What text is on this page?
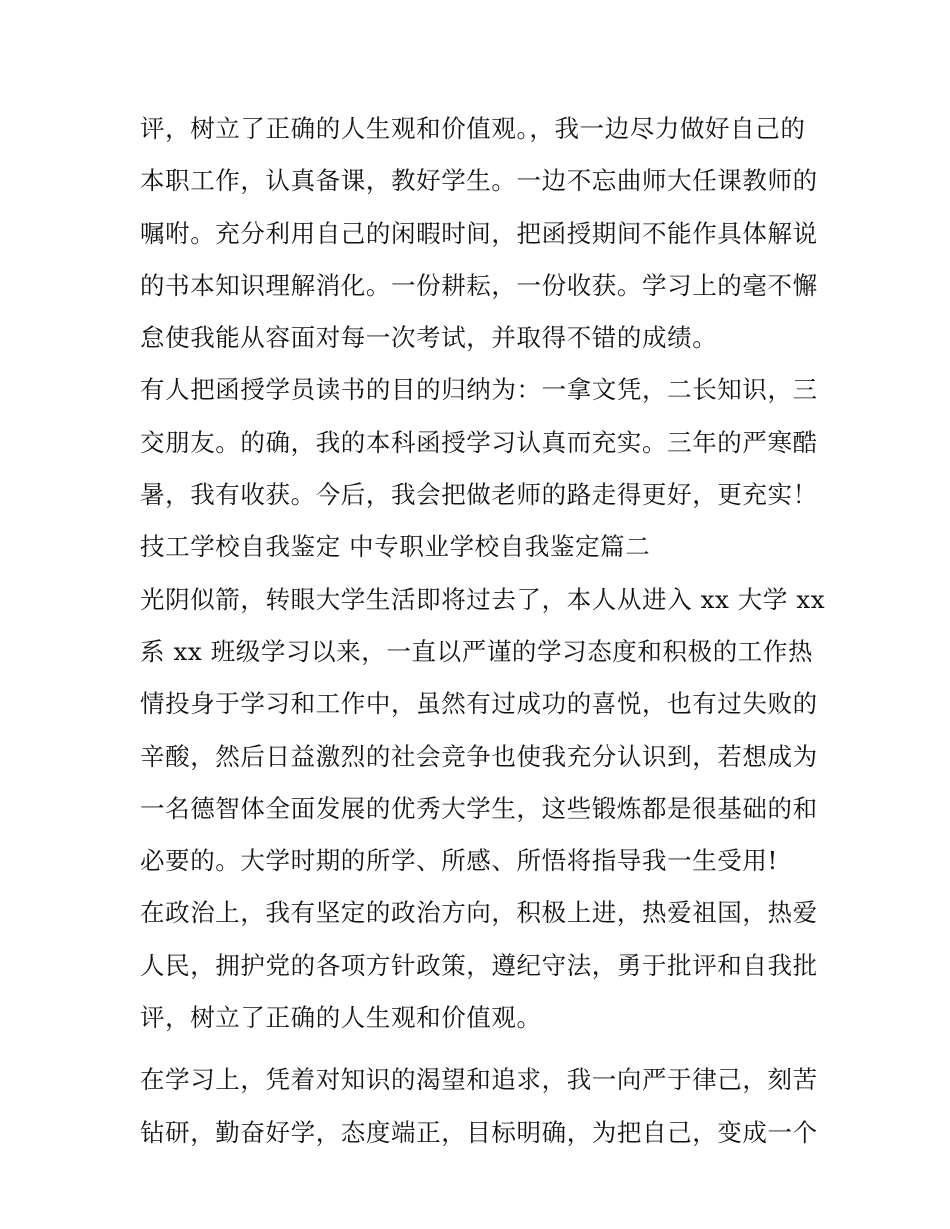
评，树立了正确的人生观和价值观。，我一边尽力做好自己的
本职工作，认真备课，教好学生。一边不忘曲师大任课教师的
嘱咐。充分利用自己的闲暇时间，把函授期间不能作具体解说
的书本知识理解消化。一份耕耘，一份收获。学习上的毫不懈
怠使我能从容面对每一次考试，并取得不错的成绩。
有人把函授学员读书的目的归纳为：一拿文凭，二长知识，三
交朋友。的确，我的本科函授学习认真而充实。三年的严寒酷
暑，我有收获。今后，我会把做老师的路走得更好，更充实！
技工学校自我鉴定 中专职业学校自我鉴定篇二
光阴似箭，转眼大学生活即将过去了，本人从进入 xx 大学 xx
系 xx 班级学习以来，一直以严谨的学习态度和积极的工作热
情投身于学习和工作中，虽然有过成功的喜悦，也有过失败的
辛酸，然后日益激烈的社会竞争也使我充分认识到，若想成为
一名德智体全面发展的优秀大学生，这些锻炼都是很基础的和
必要的。大学时期的所学、所感、所悟将指导我一生受用!
在政治上，我有坚定的政治方向，积极上进，热爱祖国，热爱
人民，拥护党的各项方针政策，遵纪守法，勇于批评和自我批
评，树立了正确的人生观和价值观。
在学习上，凭着对知识的渴望和追求，我一向严于律己，刻苦
钻研，勤奋好学，态度端正，目标明确，为把自己，变成一个
